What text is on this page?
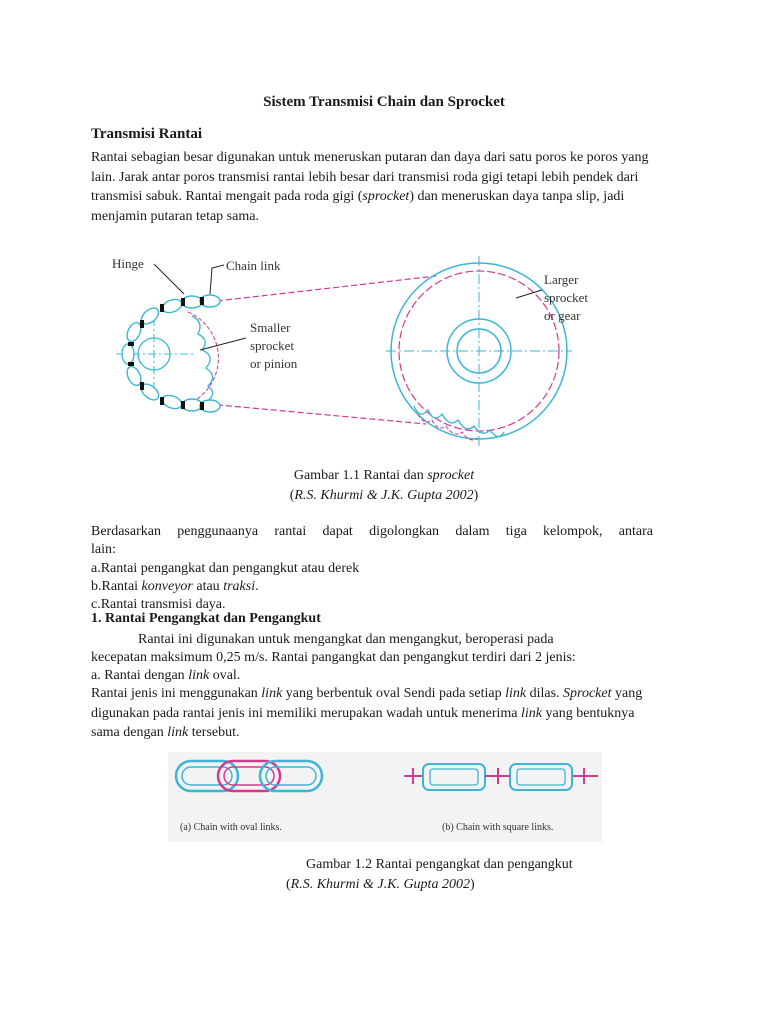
Sistem Transmisi Chain dan Sprocket
Transmisi Rantai
Rantai sebagian besar digunakan untuk meneruskan putaran dan daya dari satu poros ke poros yang lain. Jarak antar poros transmisi rantai lebih besar dari transmisi roda gigi tetapi lebih pendek dari transmisi sabuk. Rantai mengait pada roda gigi (sprocket) dan meneruskan daya tanpa slip, jadi menjamin putaran tetap sama.
Hinge	Chain link
Smaller
sprocket
or pinion
Larger
sprocket
or gear
Gambar 1.1 Rantai dan sprocket
(R.S. Khurmi & J.K. Gupta 2002)
Berdasarkan penggunaanya rantai dapat digolongkan dalam tiga kelompok, antara
lain:
a.Rantai pengangkat dan pengangkut atau derek
b.Rantai konveyor atau traksi.
c.Rantai transmisi daya.
1. Rantai Pengangkat dan Pengangkut
Rantai ini digunakan untuk mengangkat dan mengangkut, beroperasi pada
kecepatan maksimum 0,25 m/s. Rantai pangangkat dan pengangkut terdiri dari 2 jenis:
a. Rantai dengan link oval.
Rantai jenis ini menggunakan link yang berbentuk oval Sendi pada setiap link dilas. Sprocket yang digunakan pada rantai jenis ini memiliki merupakan wadah untuk menerima link yang bentuknya sama dengan link tersebut.
(a) Chain with oval links.	(b) Chain with square links.
Gambar 1.2 Rantai pengangkat dan pengangkut
(R.S. Khurmi & J.K. Gupta 2002)
